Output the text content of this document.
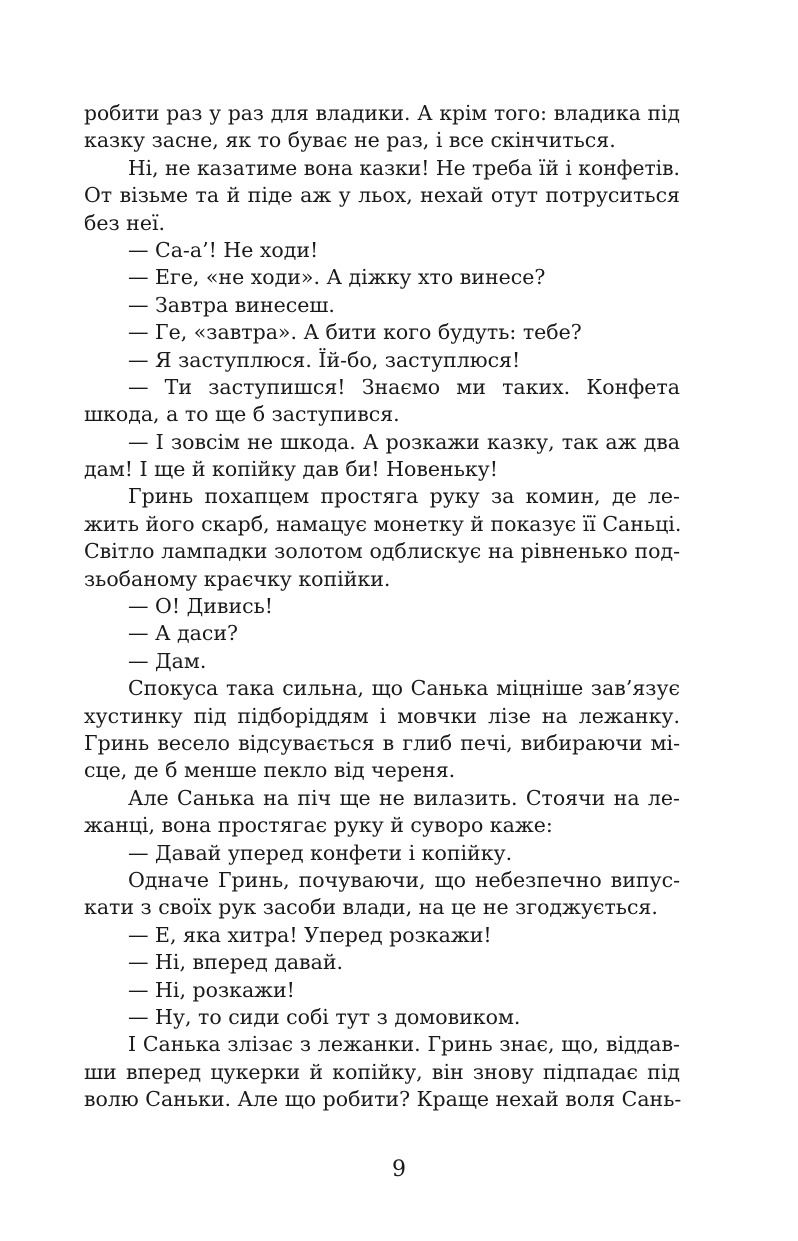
робити раз у раз для владики. А крім того: владика під
казку засне, як то буває не раз, і все скінчиться.
Ні, не казатиме вона казки! Не треба їй і конфетів.
От візьме та й піде аж у льох, нехай отут потруситься
без неї.
— Са-а’! Не ходи!
— Еге, «не ходи». А діжку хто винесе?
— Завтра винесеш.
— Ге, «завтра». А бити кого будуть: тебе?
— Я заступлюся. Їй-бо, заступлюся!
— Ти заступишся! Знаємо ми таких. Конфета
шкода, а то ще б заступився.
— І зовсім не шкода. А розкажи казку, так аж два
дам! І ще й копійку дав би! Новеньку!
Гринь похапцем простяга руку за комин, де ле-
жить його скарб, намацує монетку й показує її Саньці.
Світло лампадки золотом одблискує на рівненько под-
зьобаному краєчку копійки.
— О! Дивись!
— А даси?
— Дам.
Спокуса така сильна, що Санька міцніше зав’язує
хустинку під підборіддям і мовчки лізе на лежанку.
Гринь весело відсувається в глиб печі, вибираючи мі-
сце, де б менше пекло від череня.
Але Санька на піч ще не вилазить. Стоячи на ле-
жанці, вона простягає руку й суворо каже:
— Давай уперед конфети і копійку.
Одначе Гринь, почуваючи, що небезпечно випус-
кати з своїх рук засоби влади, на це не згоджується.
— Е, яка хитра! Уперед розкажи!
— Ні, вперед давай.
— Ні, розкажи!
— Ну, то сиди собі тут з домовиком.
І Санька злізає з лежанки. Гринь знає, що, віддав-
ши вперед цукерки й копійку, він знову підпадає під
волю Саньки. Але що робити? Краще нехай воля Сань-
9
